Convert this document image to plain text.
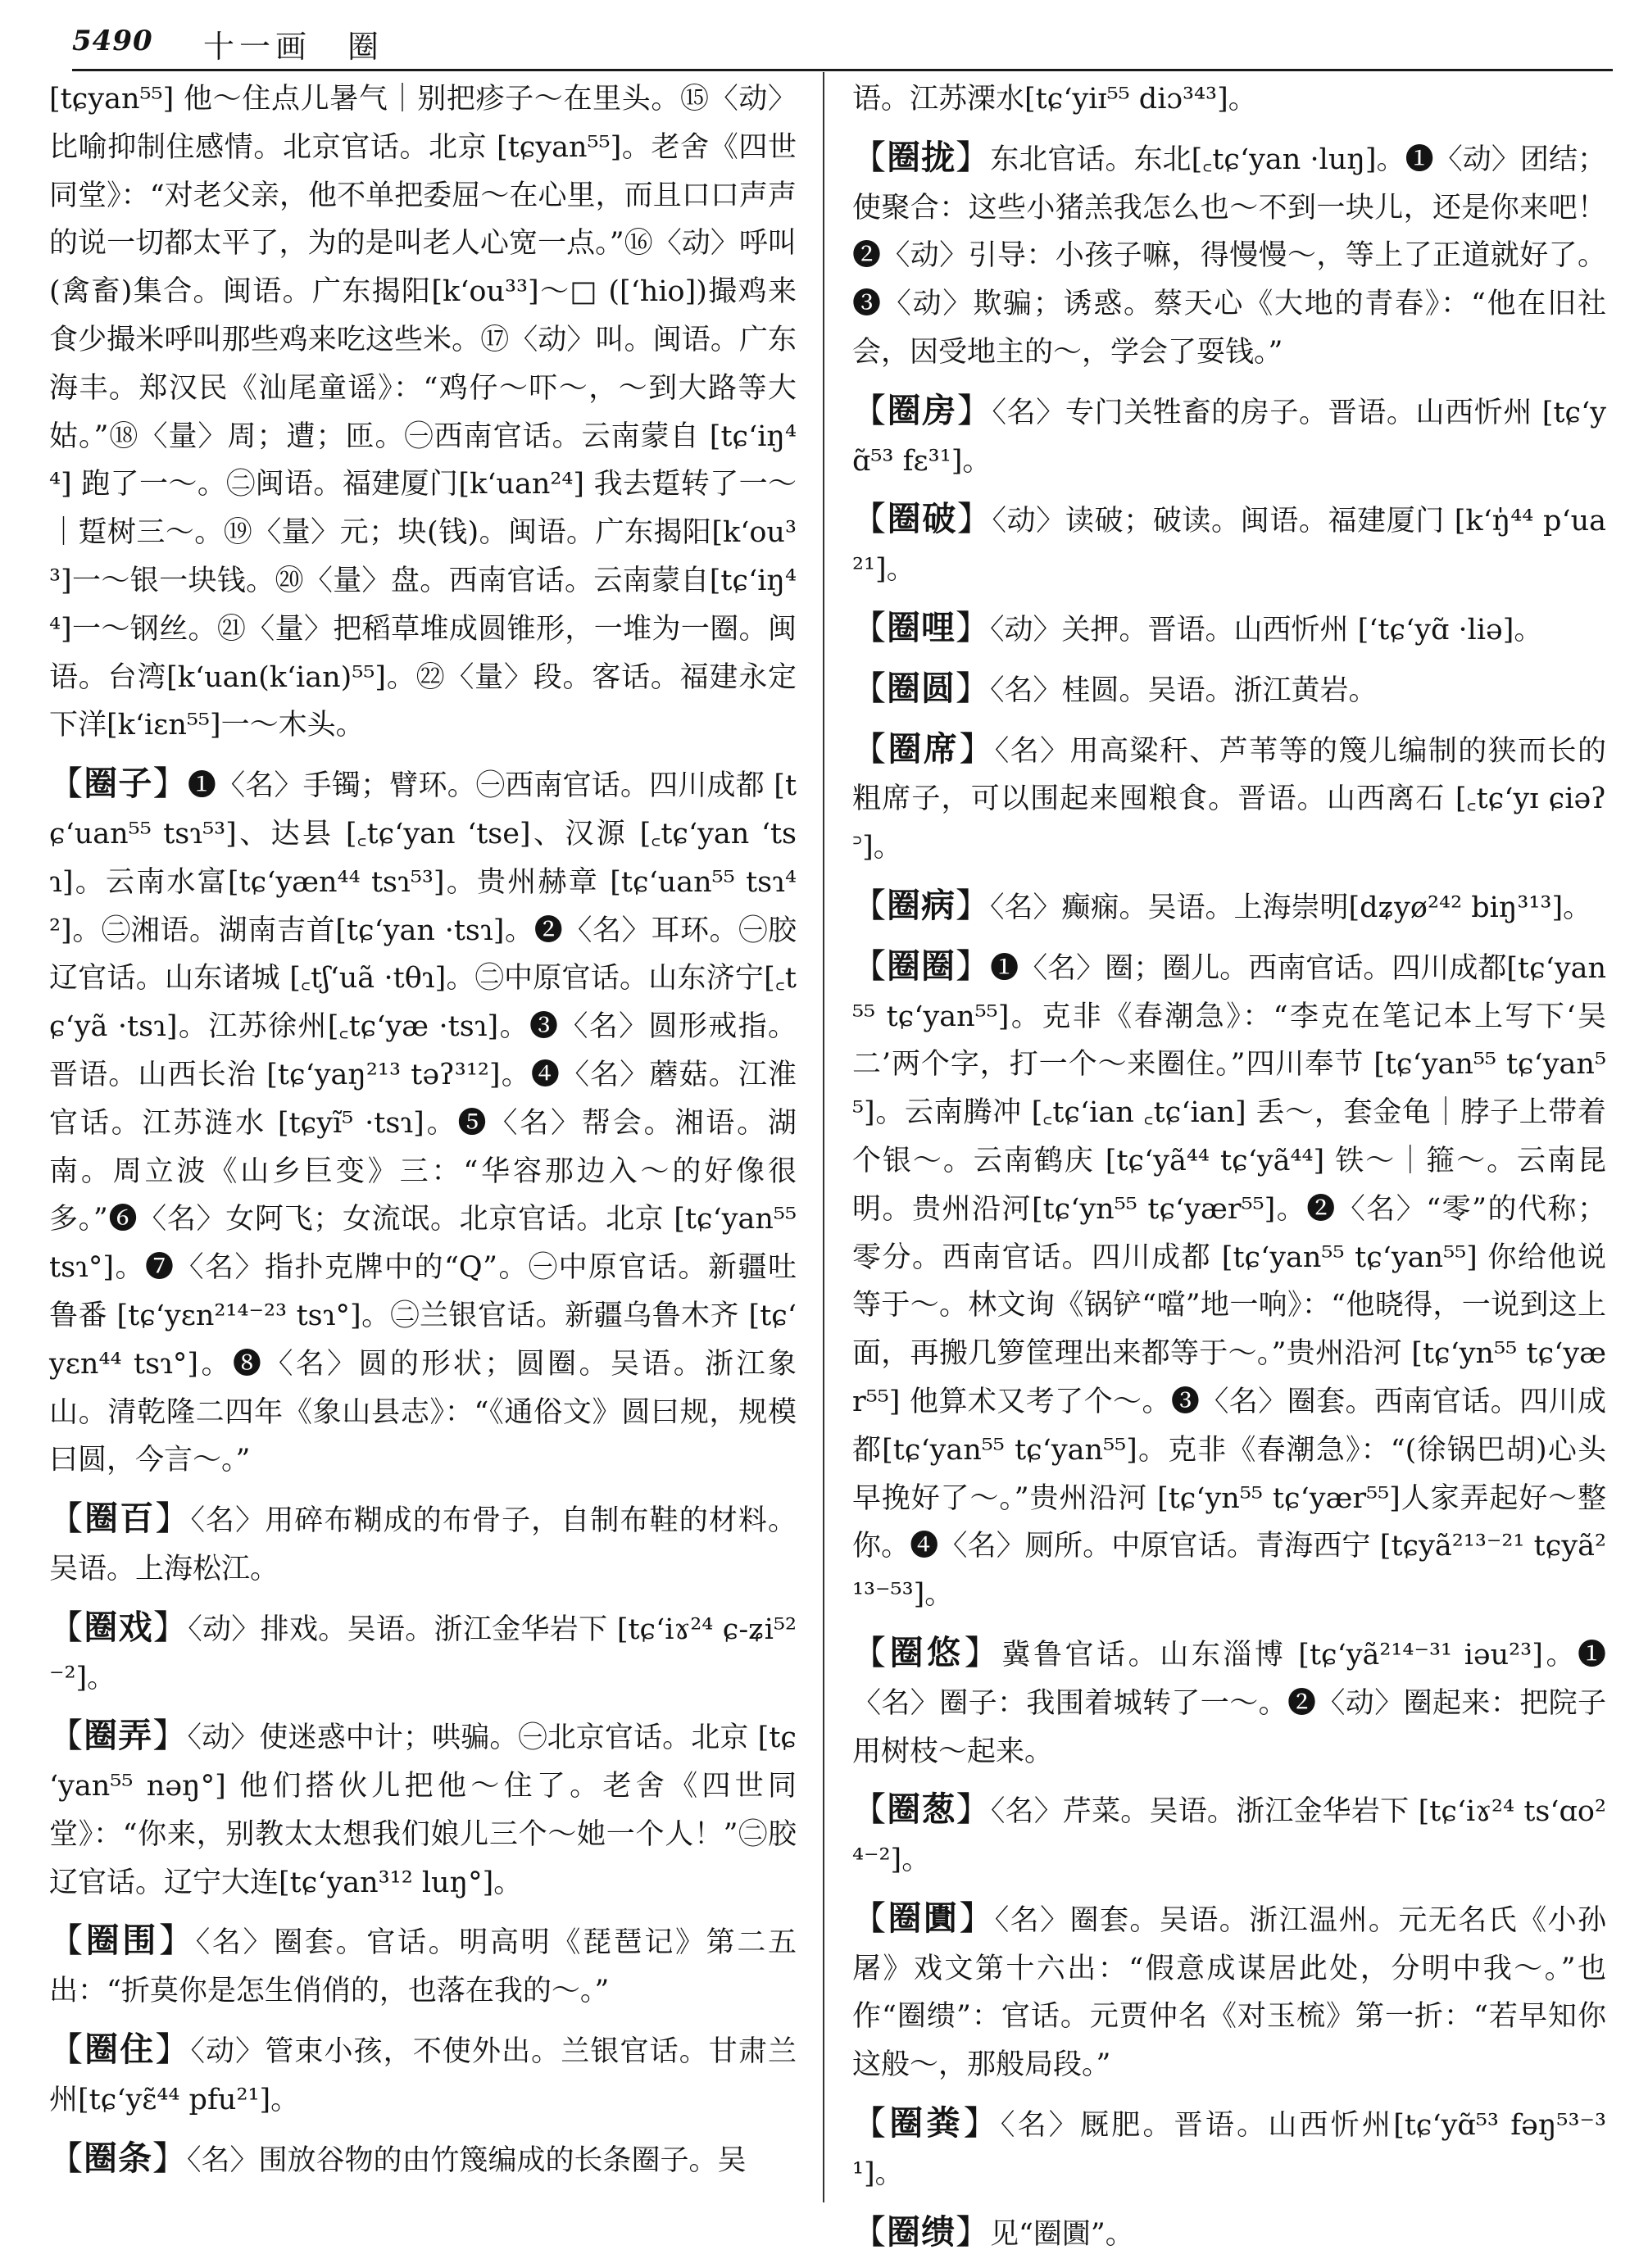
5490 十一画　圈

[tɕyan⁵⁵] 他～住点儿暑气｜别把疹子～在里头。⑮〈动〉比喻抑制住感情。北京官话。北京 [tɕyan⁵⁵]。老舍《四世同堂》：“对老父亲，他不单把委屈～在心里，而且口口声声的说一切都太平了，为的是叫老人心宽一点。”⑯〈动〉呼叫(禽畜)集合。闽语。广东揭阳[kʻou³³]～□ ([ʻhio])撮鸡来食少撮米呼叫那些鸡来吃这些米。⑰〈动〉叫。闽语。广东海丰。郑汉民《汕尾童谣》：“鸡仔～吓～，～到大路等大姑。”⑱〈量〉周；遭；匝。㊀西南官话。云南蒙自 [tɕʻiŋ⁴⁴] 跑了一～。㊁闽语。福建厦门[kʻuan²⁴] 我去踅转了一～｜踅树三～。⑲〈量〉元；块(钱)。闽语。广东揭阳[kʻou³³]一～银一块钱。⑳〈量〉盘。西南官话。云南蒙自[tɕʻiŋ⁴⁴]一～钢丝。㉑〈量〉把稻草堆成圆锥形，一堆为一圈。闽语。台湾[kʻuan(kʻian)⁵⁵]。㉒〈量〉段。客话。福建永定下洋[kʻiɛn⁵⁵]一～木头。

【圈子】❶〈名〉手镯；臂环。㊀西南官话。四川成都 [tɕʻuan⁵⁵ tsɿ⁵³]、达县 [꜀tɕʻyan ʻtse]、汉源 [꜀tɕʻyan ʻtsɿ]。云南水富[tɕʻyæn⁴⁴ tsɿ⁵³]。贵州赫章 [tɕʻuan⁵⁵ tsɿ⁴²]。㊁湘语。湖南吉首[tɕʻyan ·tsɿ]。❷〈名〉耳环。㊀胶辽官话。山东诸城 [꜀tʃʻuã ·tθɿ]。㊁中原官话。山东济宁[꜀tɕʻyã ·tsɿ]。江苏徐州[꜀tɕʻyæ ·tsɿ]。❸〈名〉圆形戒指。晋语。山西长治 [tɕʻyaŋ²¹³ təʔ³¹²]。❹〈名〉蘑菇。江淮官话。江苏涟水 [tɕyĩ⁵ ·tsɿ]。❺〈名〉帮会。湘语。湖南。周立波《山乡巨变》三：“华容那边入～的好像很多。”❻〈名〉女阿飞；女流氓。北京官话。北京 [tɕʻyan⁵⁵ tsɿ°]。❼〈名〉指扑克牌中的“Q”。㊀中原官话。新疆吐鲁番 [tɕʻyɛn²¹⁴⁻²³ tsɿ°]。㊁兰银官话。新疆乌鲁木齐 [tɕʻyɛn⁴⁴ tsɿ°]。❽〈名〉圆的形状；圆圈。吴语。浙江象山。清乾隆二四年《象山县志》：“《通俗文》圆曰规，规模曰圆，今言～。”

【圈百】〈名〉用碎布糊成的布骨子，自制布鞋的材料。吴语。上海松江。

【圈戏】〈动〉排戏。吴语。浙江金华岩下 [tɕʻiɤ²⁴ ɕ-ʑi⁵²⁻²]。

【圈弄】〈动〉使迷惑中计；哄骗。㊀北京官话。北京 [tɕʻyan⁵⁵ nəŋ°] 他们搭伙儿把他～住了。老舍《四世同堂》：“你来，别教太太想我们娘儿三个～她一个人！”㊁胶辽官话。辽宁大连[tɕʻyan³¹² luŋ°]。

【圈围】〈名〉圈套。官话。明高明《琵琶记》第二五出：“折莫你是怎生俏俏的，也落在我的～。”

【圈住】〈动〉管束小孩，不使外出。兰银官话。甘肃兰州[tɕʻyɛ̃⁴⁴ pfu²¹]。

【圈条】〈名〉围放谷物的由竹篾编成的长条圈子。吴

语。江苏溧水[tɕʻyiɪ⁵⁵ diɔ³⁴³]。

【圈拢】东北官话。东北[꜀tɕʻyan ·luŋ]。❶〈动〉团结；使聚合：这些小猪羔我怎么也～不到一块儿，还是你来吧！❷〈动〉引导：小孩子嘛，得慢慢～，等上了正道就好了。❸〈动〉欺骗；诱惑。蔡天心《大地的青春》：“他在旧社会，因受地主的～，学会了耍钱。”

【圈房】〈名〉专门关牲畜的房子。晋语。山西忻州 [tɕʻyɑ̃⁵³ fɛ³¹]。

【圈破】〈动〉读破；破读。闽语。福建厦门 [kʻŋ̍⁴⁴ pʻua²¹]。

【圈哩】〈动〉关押。晋语。山西忻州 [ʻtɕʻyɑ̃ ·liə]。

【圈圆】〈名〉桂圆。吴语。浙江黄岩。

【圈席】〈名〉用高粱秆、芦苇等的篾儿编制的狭而长的粗席子，可以围起来囤粮食。晋语。山西离石 [꜀tɕʻyɪ ɕiəʔ꜄]。

【圈病】〈名〉癫痫。吴语。上海崇明[dʑyø²⁴² biŋ³¹³]。

【圈圈】❶〈名〉圈；圈儿。西南官话。四川成都[tɕʻyan⁵⁵ tɕʻyan⁵⁵]。克非《春潮急》：“李克在笔记本上写下‘吴二’两个字，打一个～来圈住。”四川奉节 [tɕʻyan⁵⁵ tɕʻyan⁵⁵]。云南腾冲 [꜀tɕʻian ꜀tɕʻian] 丢～，套金龟｜脖子上带着个银～。云南鹤庆 [tɕʻyã⁴⁴ tɕʻyã⁴⁴] 铁～｜箍～。云南昆明。贵州沿河[tɕʻyn⁵⁵ tɕʻyær⁵⁵]。❷〈名〉“零”的代称；零分。西南官话。四川成都 [tɕʻyan⁵⁵ tɕʻyan⁵⁵] 你给他说等于～。林文询《锅铲“噹”地一响》：“他晓得，一说到这上面，再搬几箩筐理出来都等于～。”贵州沿河 [tɕʻyn⁵⁵ tɕʻyær⁵⁵] 他算术又考了个～。❸〈名〉圈套。西南官话。四川成都[tɕʻyan⁵⁵ tɕʻyan⁵⁵]。克非《春潮急》：“(徐锅巴胡)心头早挽好了～。”贵州沿河 [tɕʻyn⁵⁵ tɕʻyær⁵⁵]人家弄起好～整你。❹〈名〉厕所。中原官话。青海西宁 [tɕyã²¹³⁻²¹ tɕyã²¹³⁻⁵³]。

【圈悠】冀鲁官话。山东淄博 [tɕʻyã²¹⁴⁻³¹ iəu²³]。❶〈名〉圈子：我围着城转了一～。❷〈动〉圈起来：把院子用树枝～起来。

【圈葱】〈名〉芹菜。吴语。浙江金华岩下 [tɕʻiɤ²⁴ tsʻɑo²⁴⁻²]。

【圈圚】〈名〉圈套。吴语。浙江温州。元无名氏《小孙屠》戏文第十六出：“假意成谋居此处，分明中我～。”也作“圈缋”：官话。元贾仲名《对玉梳》第一折：“若早知你这般～，那般局段。”

【圈粪】〈名〉厩肥。晋语。山西忻州[tɕʻyɑ̃⁵³ fəŋ⁵³⁻³¹]。

【圈缋】见“圈圚”。
